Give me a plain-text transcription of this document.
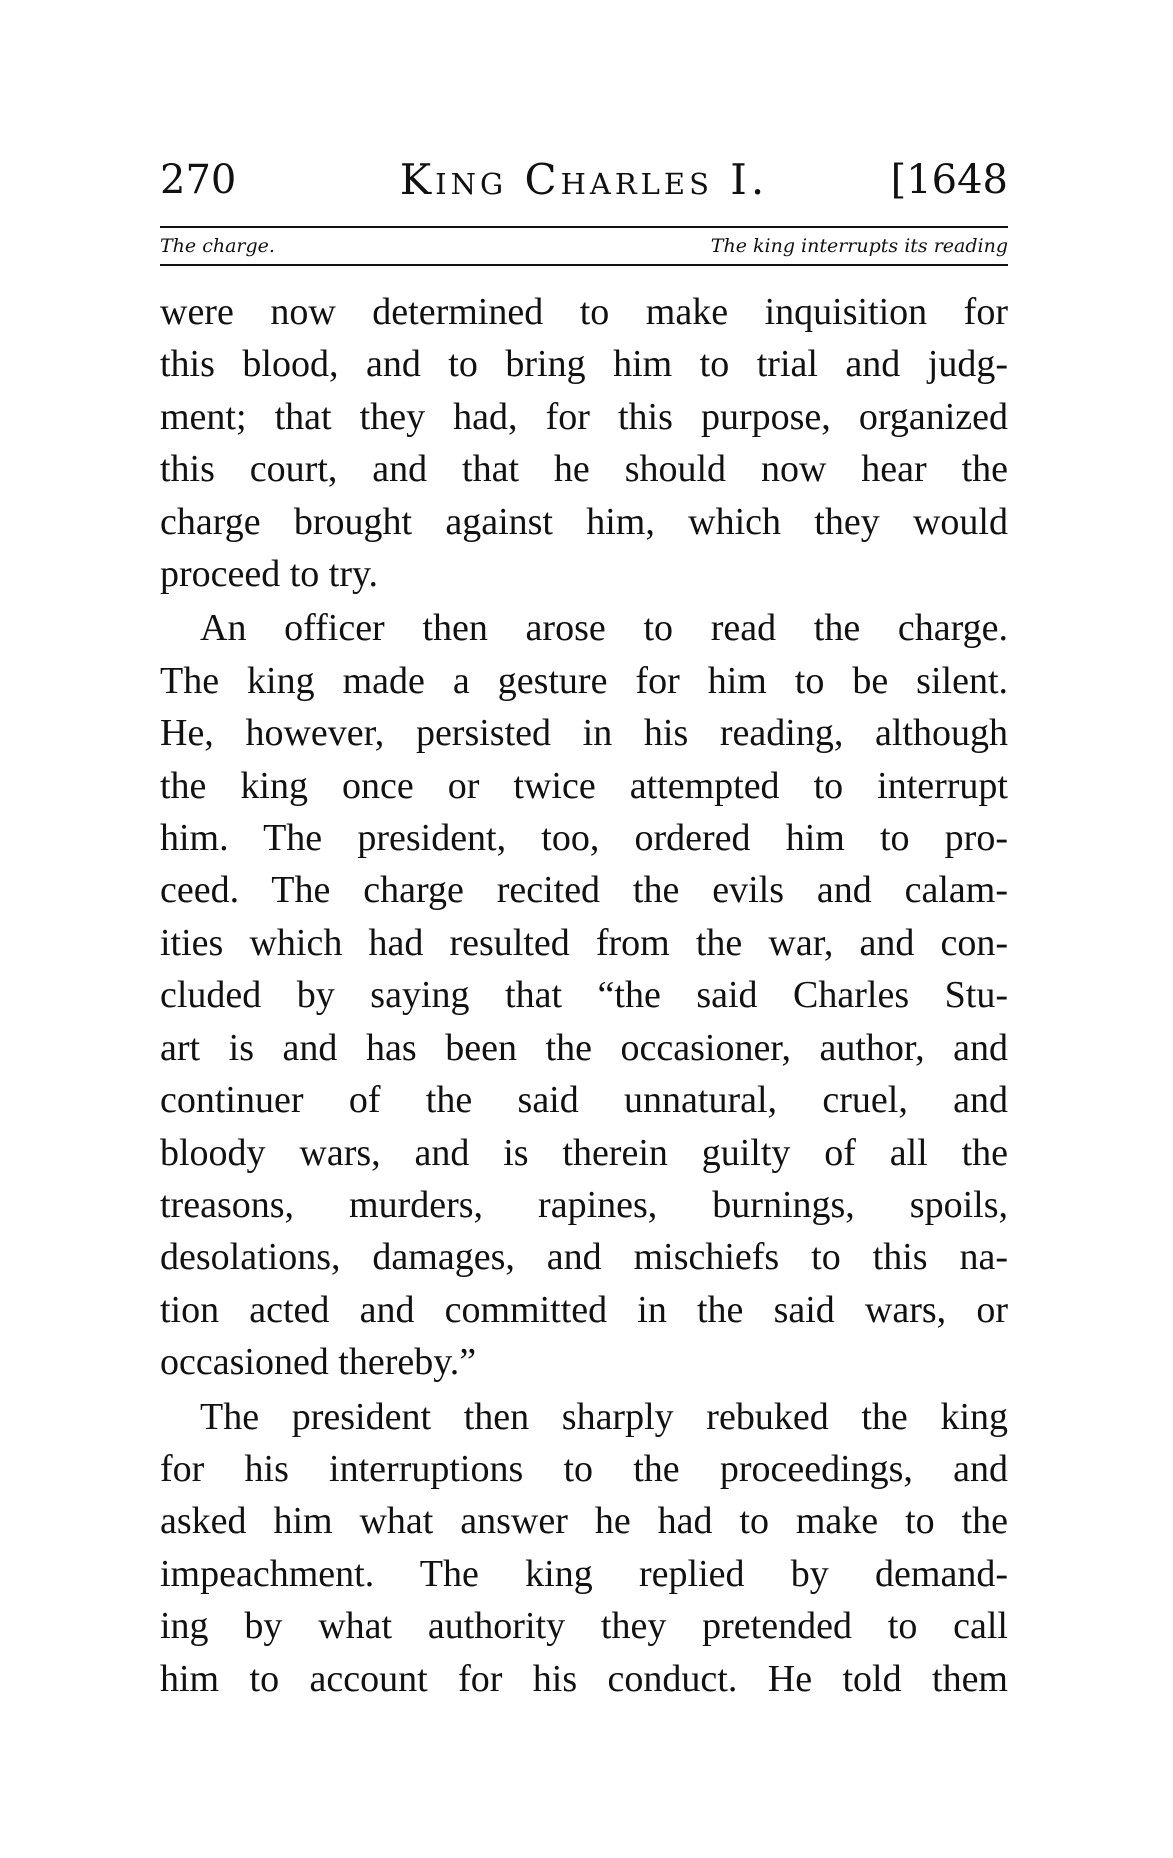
270	King Charles I.	[1648
The charge.	The king interrupts its reading
were now determined to make inquisition for
this blood, and to bring him to trial and judg-
ment; that they had, for this purpose, organized
this court, and that he should now hear the
charge brought against him, which they would
proceed to try.
An officer then arose to read the charge.
The king made a gesture for him to be silent.
He, however, persisted in his reading, although
the king once or twice attempted to interrupt
him. The president, too, ordered him to pro-
ceed. The charge recited the evils and calam-
ities which had resulted from the war, and con-
cluded by saying that “the said Charles Stu-
art is and has been the occasioner, author, and
continuer of the said unnatural, cruel, and
bloody wars, and is therein guilty of all the
treasons, murders, rapines, burnings, spoils,
desolations, damages, and mischiefs to this na-
tion acted and committed in the said wars, or
occasioned thereby.”
The president then sharply rebuked the king
for his interruptions to the proceedings, and
asked him what answer he had to make to the
impeachment. The king replied by demand-
ing by what authority they pretended to call
him to account for his conduct. He told them
